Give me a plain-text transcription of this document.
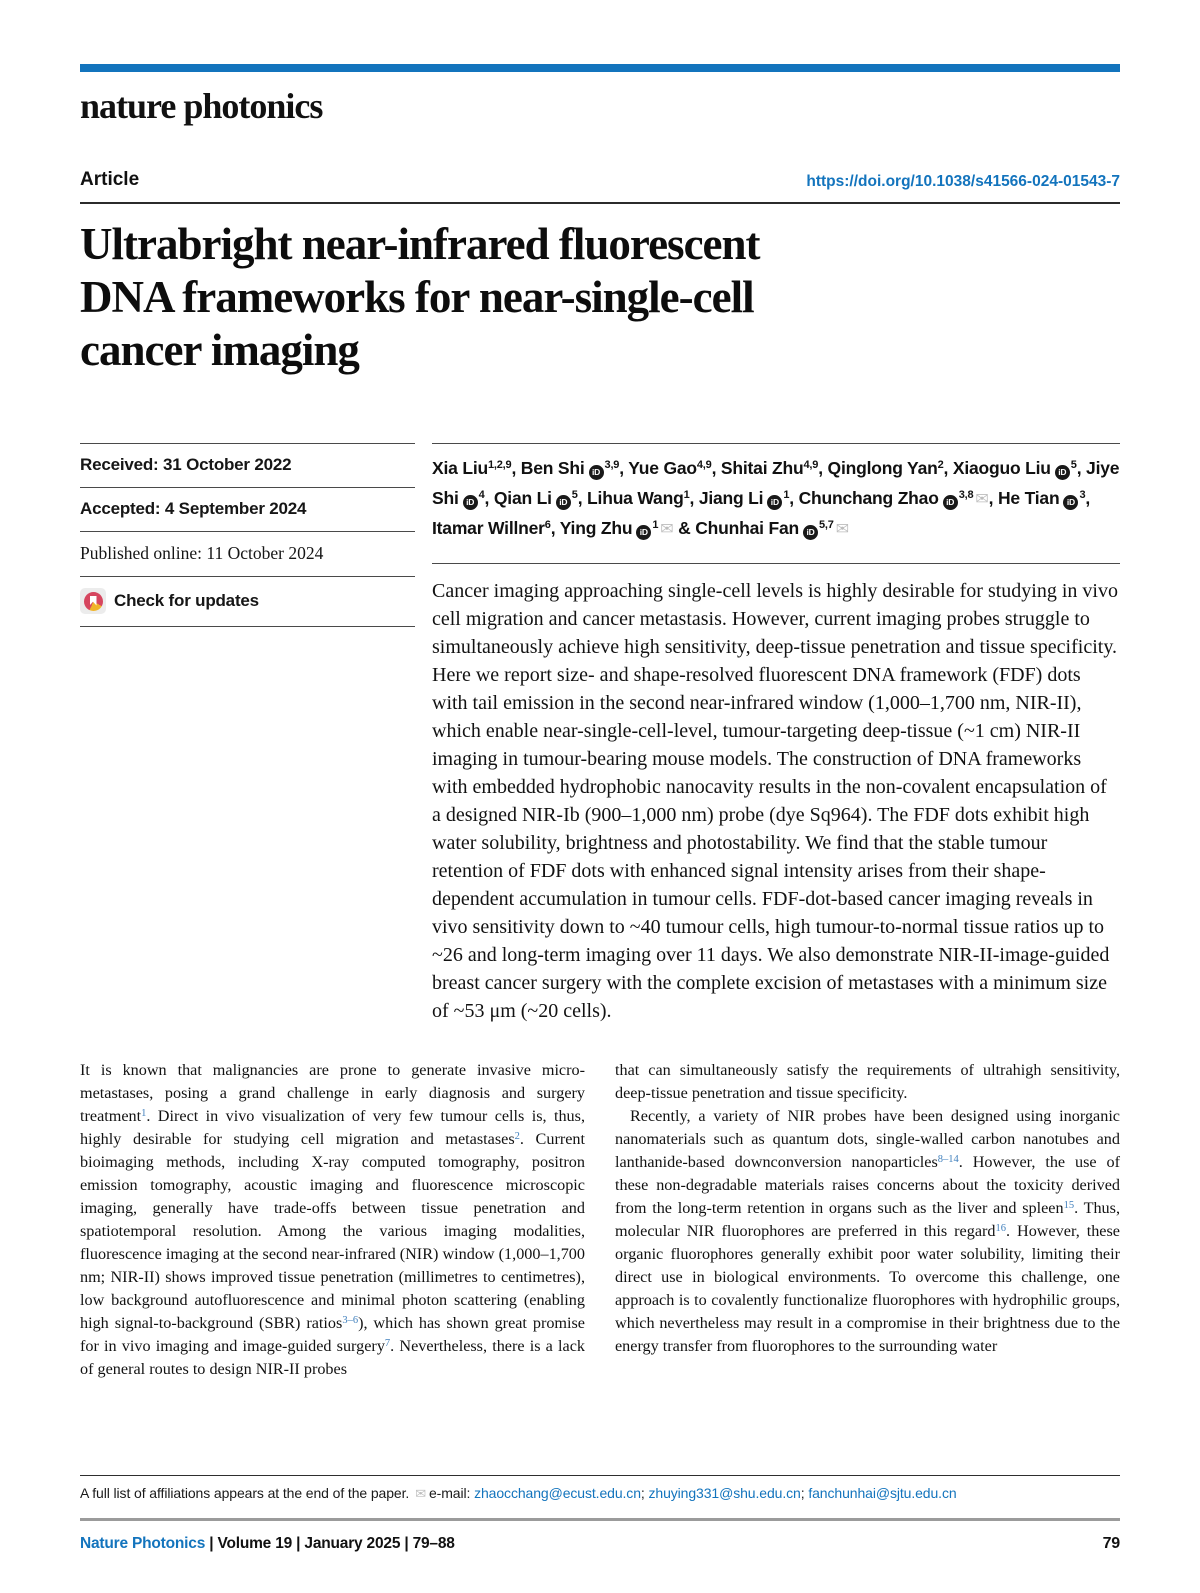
nature photonics
Article	https://doi.org/10.1038/s41566-024-01543-7
Ultrabright near-infrared fluorescent
DNA frameworks for near-single-cell
cancer imaging
Received: 31 October 2022
Accepted: 4 September 2024
Published online: 11 October 2024
Check for updates
Xia Liu$^{1,2,9}$, Ben Shi iD$^{3,9}$, Yue Gao$^{4,9}$, Shitai Zhu$^{4,9}$, Qinglong Yan$^2$, Xiaoguo Liu $iD^5$, Jiye Shi $iD^4$, Qian Li $iD^5$, Lihua Wang$^1$, Jiang Li $iD^1$, Chunchang Zhao iD$^{3,8}$ ✉, He Tian $iD^3$, Itamar Willner$^6$, Ying Zhu $iD^1$ ✉ & Chunhai Fan iD$^{5,7}$ ✉
Cancer imaging approaching single-cell levels is highly desirable for studying in vivo cell migration and cancer metastasis. However, current imaging probes struggle to simultaneously achieve high sensitivity, deep-tissue penetration and tissue specificity. Here we report size- and shape-resolved fluorescent DNA framework (FDF) dots with tail emission in the second near-infrared window (1,000–1,700 nm, NIR-II), which enable near-single-cell-level, tumour-targeting deep-tissue (~1 cm) NIR-II imaging in tumour-bearing mouse models. The construction of DNA frameworks with embedded hydrophobic nanocavity results in the non-covalent encapsulation of a designed NIR-Ib (900–1,000 nm) probe (dye Sq964). The FDF dots exhibit high water solubility, brightness and photostability. We find that the stable tumour retention of FDF dots with enhanced signal intensity arises from their shape-dependent accumulation in tumour cells. FDF-dot-based cancer imaging reveals in vivo sensitivity down to ~40 tumour cells, high tumour-to-normal tissue ratios up to ~26 and long-term imaging over 11 days. We also demonstrate NIR-II-image-guided breast cancer surgery with the complete excision of metastases with a minimum size of ~53 μm (~20 cells).

It is known that malignancies are prone to generate invasive micro-metastases, posing a grand challenge in early diagnosis and surgery treatment$^1$. Direct in vivo visualization of very few tumour cells is, thus, highly desirable for studying cell migration and metastases$^2$. Current bioimaging methods, including X-ray computed tomography, positron emission tomography, acoustic imaging and fluorescence microscopic imaging, generally have trade-offs between tissue penetration and spatiotemporal resolution. Among the various imaging modalities, fluorescence imaging at the second near-infrared (NIR) window (1,000–1,700 nm; NIR-II) shows improved tissue penetration (millimetres to centimetres), low background autofluorescence and minimal photon scattering (enabling high signal-to-background (SBR) ratios$^{3-6}$), which has shown great promise for in vivo imaging and image-guided surgery$^7$. Nevertheless, there is a lack of general routes to design NIR-II probes

that can simultaneously satisfy the requirements of ultrahigh sensitivity, deep-tissue penetration and tissue specificity.

Recently, a variety of NIR probes have been designed using inorganic nanomaterials such as quantum dots, single-walled carbon nanotubes and lanthanide-based downconversion nanoparticles$^{8-14}$. However, the use of these non-degradable materials raises concerns about the toxicity derived from the long-term retention in organs such as the liver and spleen$^{15}$. Thus, molecular NIR fluorophores are preferred in this regard$^{16}$. However, these organic fluorophores generally exhibit poor water solubility, limiting their direct use in biological environments. To overcome this challenge, one approach is to covalently functionalize fluorophores with hydrophilic groups, which nevertheless may result in a compromise in their brightness due to the energy transfer from fluorophores to the surrounding water

A full list of affiliations appears at the end of the paper. ✉ e-mail: zhaocchang@ecust.edu.cn; zhuying331@shu.edu.cn; fanchunhai@sjtu.edu.cn
Nature Photonics | Volume 19 | January 2025 | 79–88	79
